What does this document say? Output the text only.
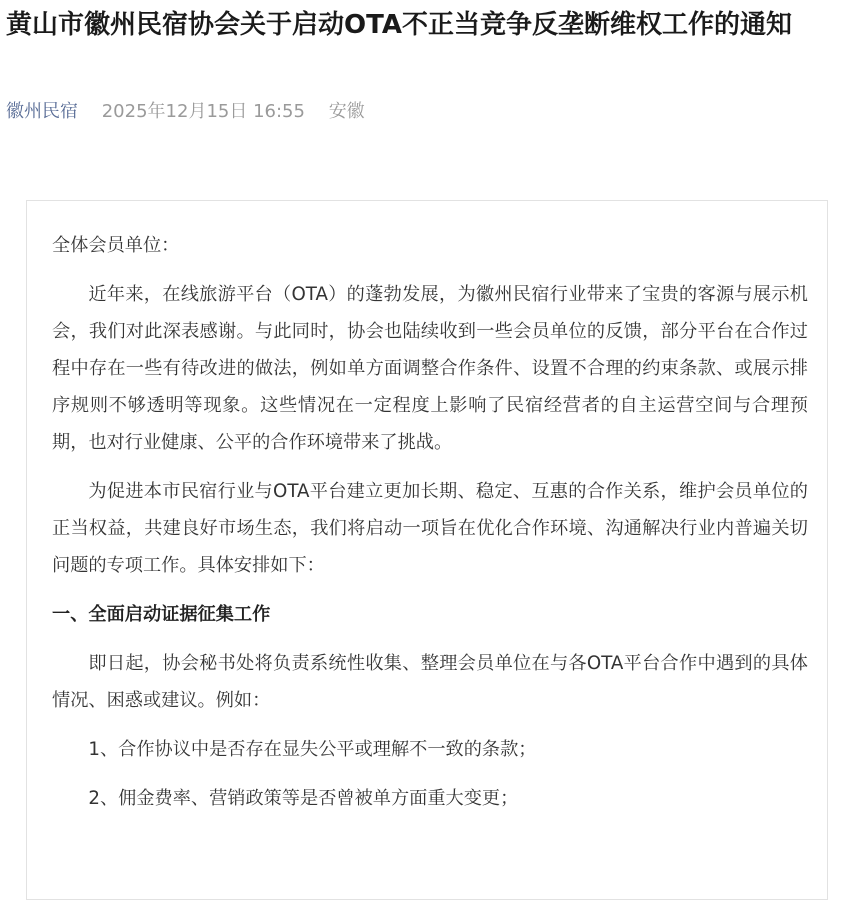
黄山市徽州民宿协会关于启动OTA不正当竞争反垄断维权工作的通知
徽州民宿 2025年12月15日 16:55 安徽

全体会员单位：

近年来，在线旅游平台（OTA）的蓬勃发展，为徽州民宿行业带来了宝贵的客源与展示机会，我们对此深表感谢。与此同时，协会也陆续收到一些会员单位的反馈，部分平台在合作过程中存在一些有待改进的做法，例如单方面调整合作条件、设置不合理的约束条款、或展示排序规则不够透明等现象。这些情况在一定程度上影响了民宿经营者的自主运营空间与合理预期，也对行业健康、公平的合作环境带来了挑战。

为促进本市民宿行业与OTA平台建立更加长期、稳定、互惠的合作关系，维护会员单位的正当权益，共建良好市场生态，我们将启动一项旨在优化合作环境、沟通解决行业内普遍关切问题的专项工作。具体安排如下：

一、全面启动证据征集工作

即日起，协会秘书处将负责系统性收集、整理会员单位在与各OTA平台合作中遇到的具体情况、困惑或建议。例如：

1、合作协议中是否存在显失公平或理解不一致的条款；

2、佣金费率、营销政策等是否曾被单方面重大变更；
